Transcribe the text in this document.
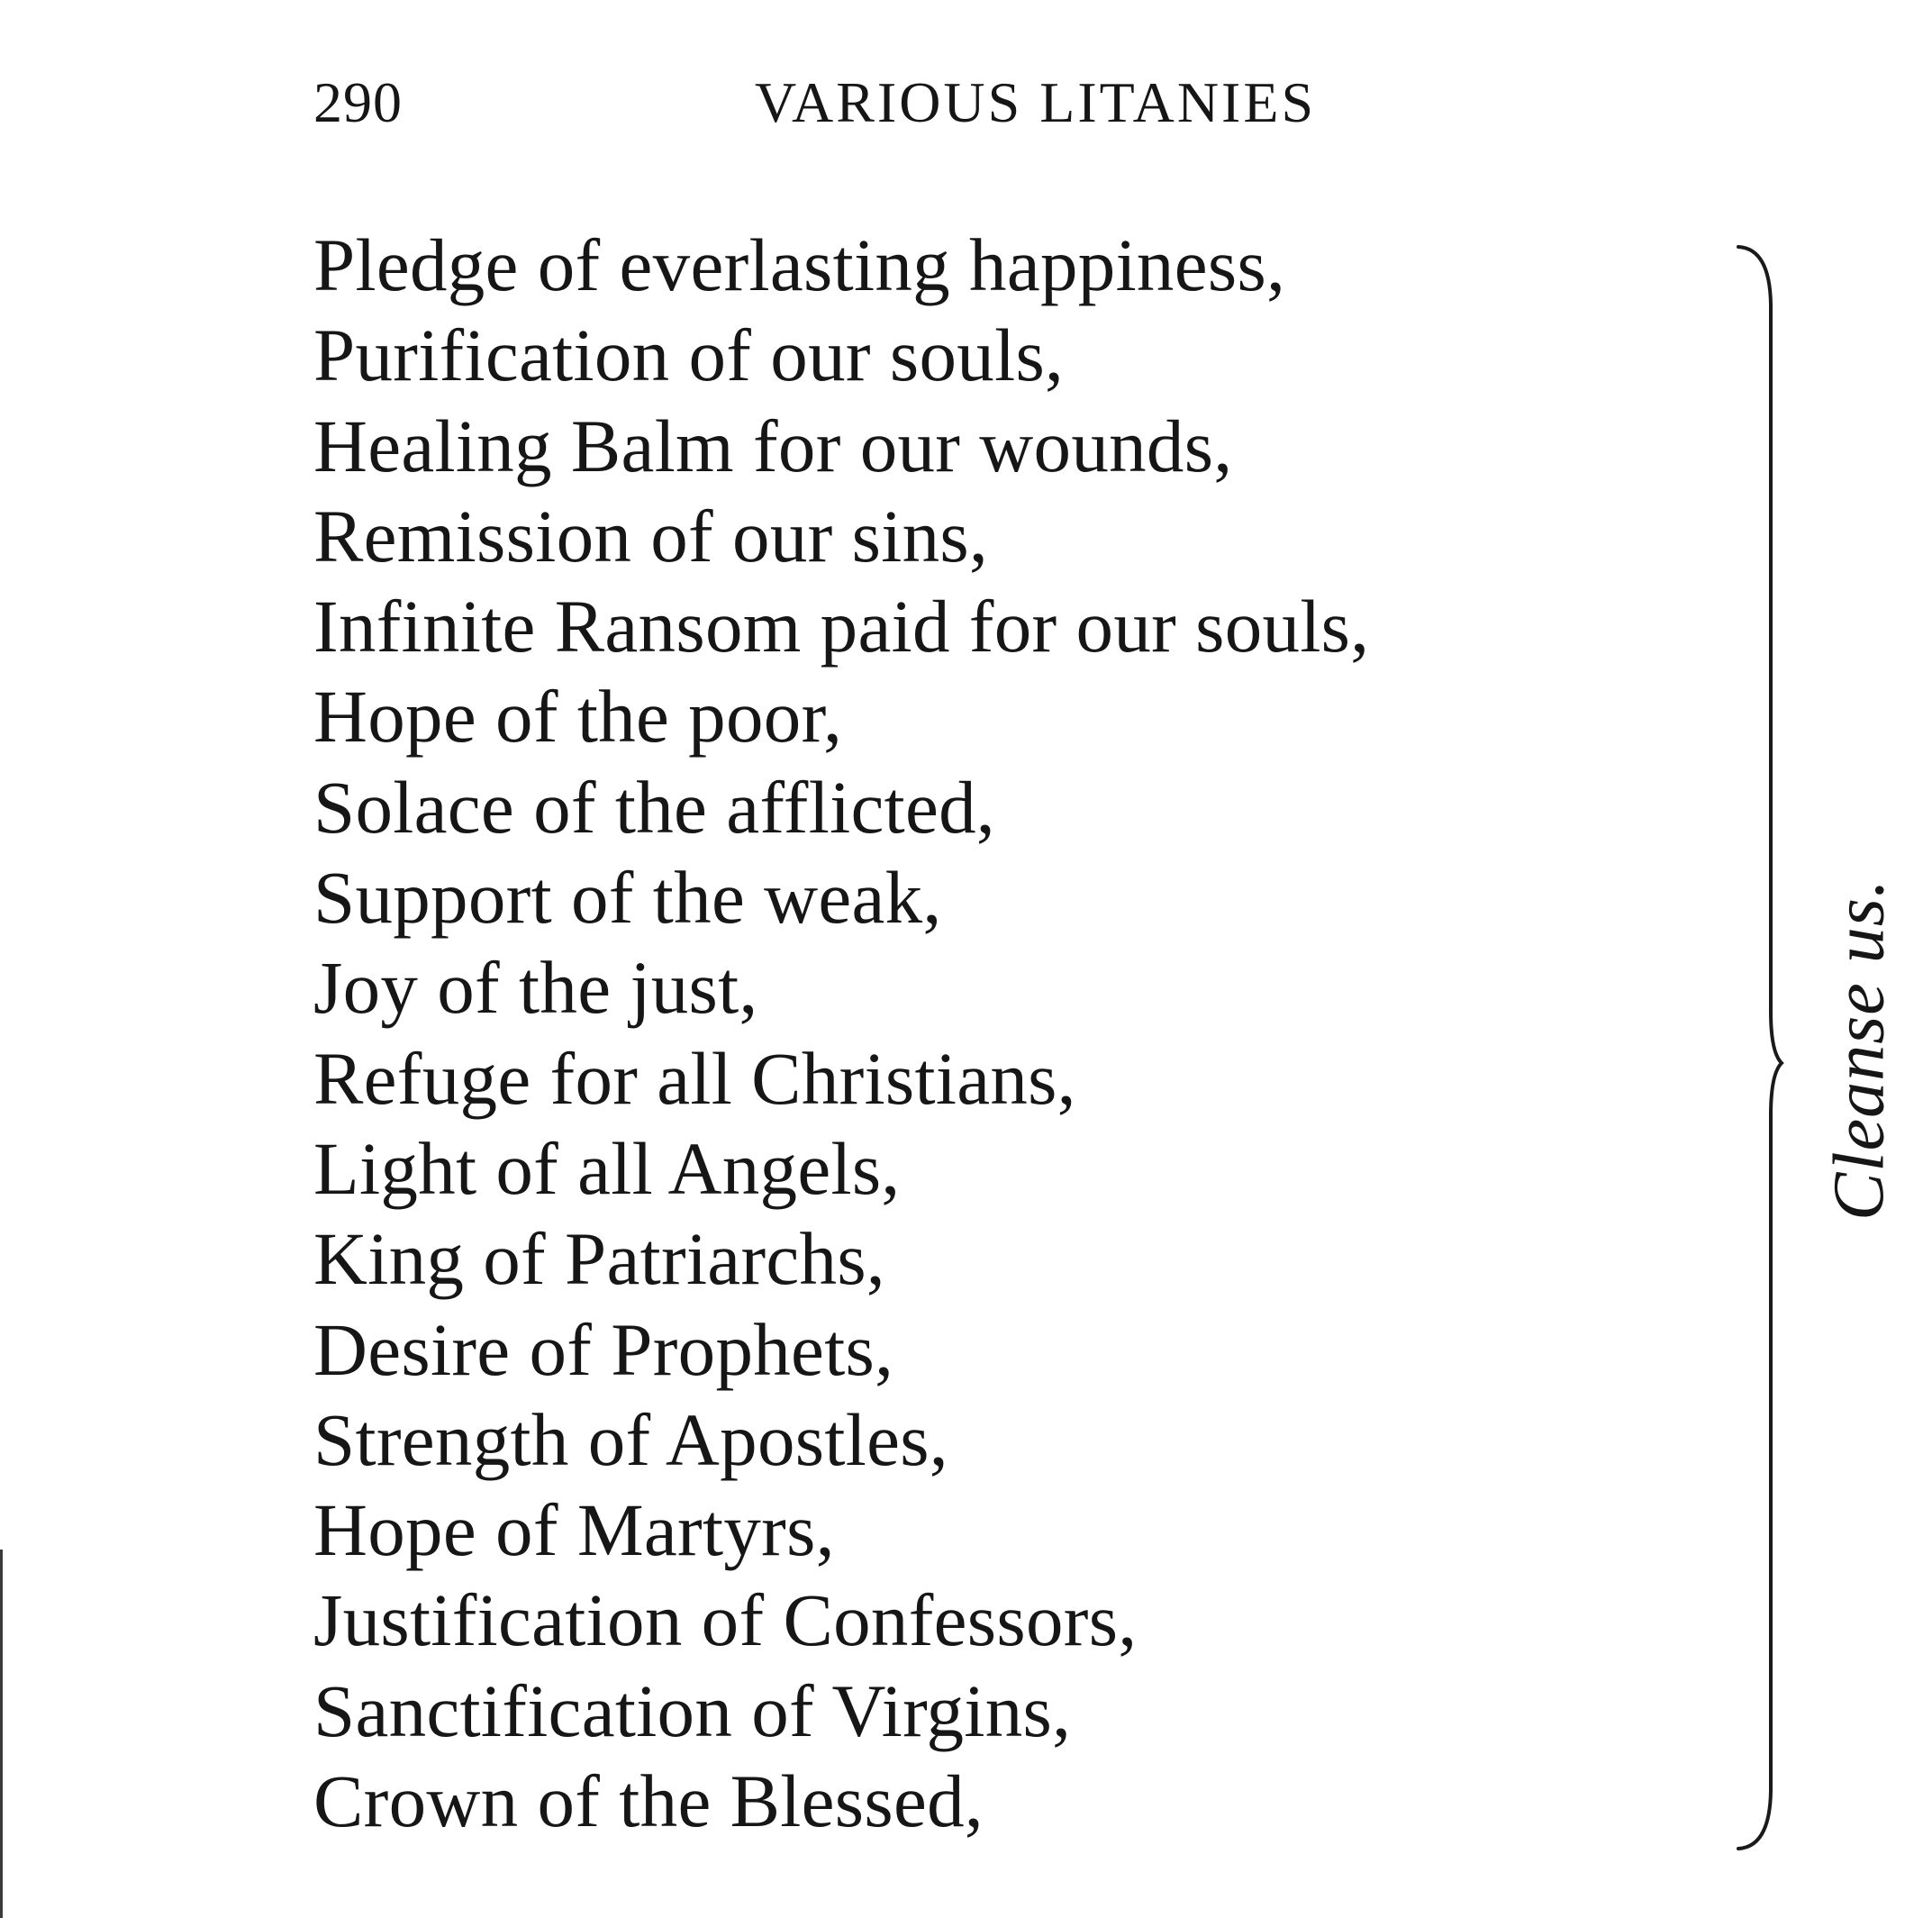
290	VARIOUS LITANIES
Pledge of everlasting happiness,
Purification of our souls,
Healing Balm for our wounds,
Remission of our sins,
Infinite Ransom paid for our souls,
Hope of the poor,
Solace of the afflicted,
Support of the weak,
Joy of the just,
Refuge for all Christians,
Light of all Angels,
King of Patriarchs,
Desire of Prophets,
Strength of Apostles,
Hope of Martyrs,
Justification of Confessors,
Sanctification of Virgins,
Crown of the Blessed,
Cleanse us.
